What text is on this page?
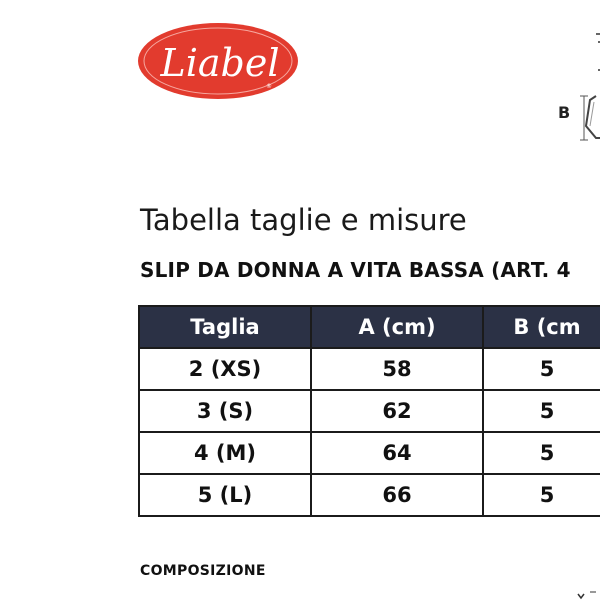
Liabel
®
B
Tabella taglie e misure
SLIP DA DONNA A VITA BASSA (ART. 4
Taglia	A (cm)	B (cm
2 (XS)	58	5
3 (S)	62	5
4 (M)	64	5
5 (L)	66	5
COMPOSIZIONE
